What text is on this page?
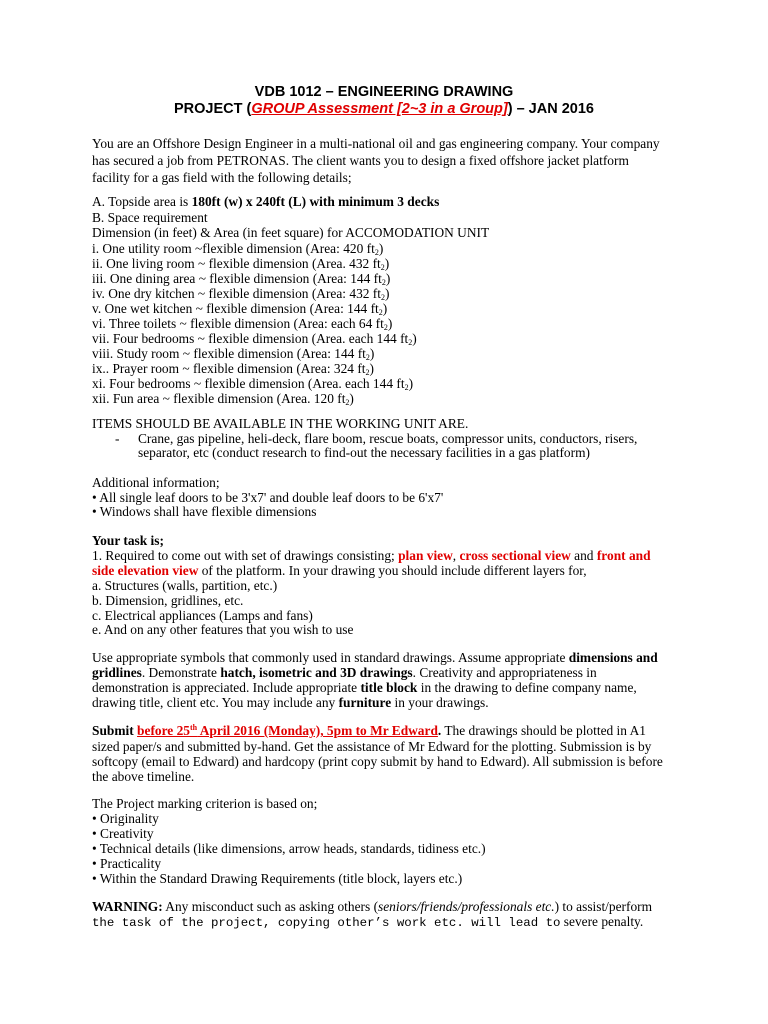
VDB 1012 – ENGINEERING DRAWING
PROJECT (GROUP Assessment [2~3 in a Group]) – JAN 2016
You are an Offshore Design Engineer in a multi-national oil and gas engineering company. Your company
has secured a job from PETRONAS. The client wants you to design a fixed offshore jacket platform
facility for a gas field with the following details;
A. Topside area is 180ft (w) x 240ft (L) with minimum 3 decks
B. Space requirement
Dimension (in feet) & Area (in feet square) for ACCOMODATION UNIT
i. One utility room ~flexible dimension (Area: 420 $ft_2$)
ii. One living room ~ flexible dimension (Area. 432 $ft_2$)
iii. One dining area ~ flexible dimension (Area: 144 $ft_2$)
iv. One dry kitchen ~ flexible dimension (Area: 432 $ft_2$)
v. One wet kitchen ~ flexible dimension (Area: 144 $ft_2$)
vi. Three toilets ~ flexible dimension (Area: each 64 $ft_2$)
vii. Four bedrooms ~ flexible dimension (Area. each 144 $ft_2$)
viii. Study room ~ flexible dimension (Area: 144 $ft_2$)
ix.. Prayer room ~ flexible dimension (Area: 324 $ft_2$)
xi. Four bedrooms ~ flexible dimension (Area. each 144 $ft_2$)
xii. Fun area ~ flexible dimension (Area. 120 $ft_2$)
ITEMS SHOULD BE AVAILABLE IN THE WORKING UNIT ARE.
- Crane, gas pipeline, heli-deck, flare boom, rescue boats, compressor units, conductors, risers,
separator, etc (conduct research to find-out the necessary facilities in a gas platform)
Additional information;
• All single leaf doors to be 3'x7' and double leaf doors to be 6'x7'
• Windows shall have flexible dimensions
Your task is;
1. Required to come out with set of drawings consisting; plan view, cross sectional view and front and
side elevation view of the platform. In your drawing you should include different layers for,
a. Structures (walls, partition, etc.)
b. Dimension, gridlines, etc.
c. Electrical appliances (Lamps and fans)
e. And on any other features that you wish to use
Use appropriate symbols that commonly used in standard drawings. Assume appropriate dimensions and
gridlines. Demonstrate hatch, isometric and 3D drawings. Creativity and appropriateness in
demonstration is appreciated. Include appropriate title block in the drawing to define company name,
drawing title, client etc. You may include any furniture in your drawings.
Submit before 25th April 2016 (Monday), 5pm to Mr Edward. The drawings should be plotted in A1
sized paper/s and submitted by-hand. Get the assistance of Mr Edward for the plotting. Submission is by
softcopy (email to Edward) and hardcopy (print copy submit by hand to Edward). All submission is before
the above timeline.
The Project marking criterion is based on;
• Originality
• Creativity
• Technical details (like dimensions, arrow heads, standards, tidiness etc.)
• Practicality
• Within the Standard Drawing Requirements (title block, layers etc.)
WARNING: Any misconduct such as asking others (seniors/friends/professionals etc.) to assist/perform
the task of the project, copying other’s work etc. will lead to severe penalty.
